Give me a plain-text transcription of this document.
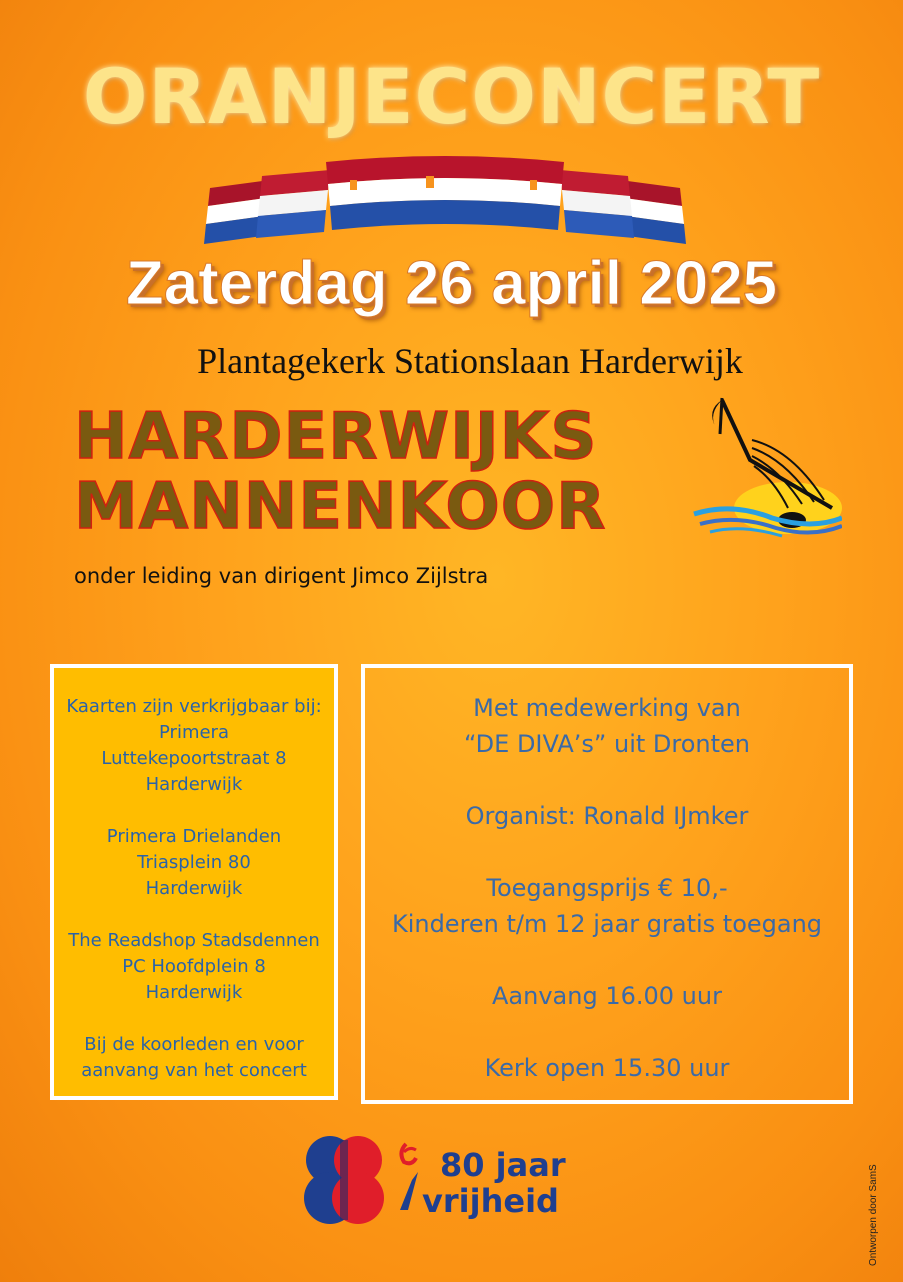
ORANJECONCERT
Zaterdag 26 april 2025
Plantagekerk Stationslaan Harderwijk
HARDERWIJKS
MANNENKOOR
onder leiding van dirigent Jimco Zijlstra

Kaarten zijn verkrijgbaar bij:
Primera
Luttekepoortstraat 8
Harderwijk

Primera Drielanden
Triasplein 80
Harderwijk

The Readshop Stadsdennen
PC Hoofdplein 8
Harderwijk

Bij de koorleden en voor
aanvang van het concert

Met medewerking van
“DE DIVA’s” uit Dronten

Organist: Ronald IJmker

Toegangsprijs € 10,-
Kinderen t/m 12 jaar gratis toegang

Aanvang 16.00 uur

Kerk open 15.30 uur

80 jaar
vrijheid	Ontworpen door SamS
